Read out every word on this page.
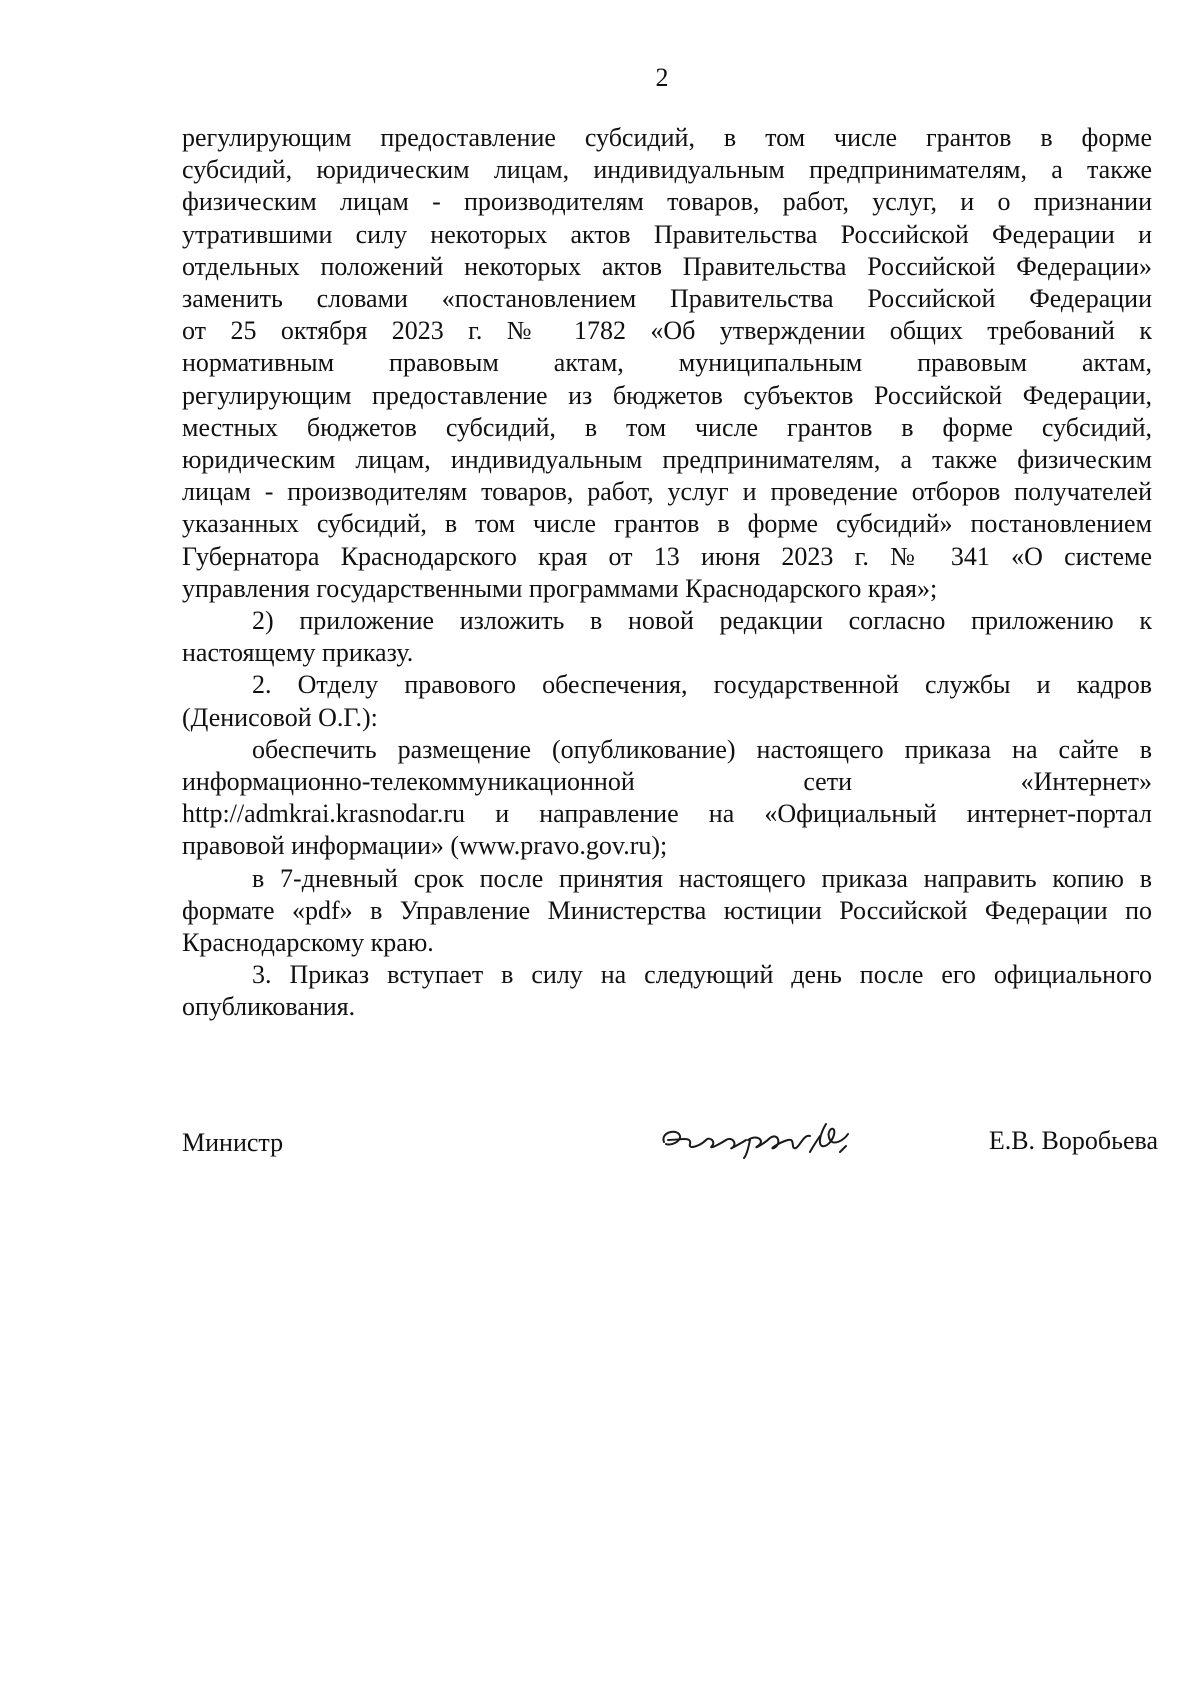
2
регулирующим предоставление субсидий, в том числе грантов в форме
субсидий, юридическим лицам, индивидуальным предпринимателям, а также
физическим лицам - производителям товаров, работ, услуг, и о признании
утратившими силу некоторых актов Правительства Российской Федерации и
отдельных положений некоторых актов Правительства Российской Федерации»
заменить словами «постановлением Правительства Российской Федерации
от 25 октября 2023 г. № 1782 «Об утверждении общих требований к
нормативным правовым актам, муниципальным правовым актам,
регулирующим предоставление из бюджетов субъектов Российской Федерации,
местных бюджетов субсидий, в том числе грантов в форме субсидий,
юридическим лицам, индивидуальным предпринимателям, а также физическим
лицам - производителям товаров, работ, услуг и проведение отборов получателей
указанных субсидий, в том числе грантов в форме субсидий» постановлением
Губернатора Краснодарского края от 13 июня 2023 г. № 341 «О системе
управления государственными программами Краснодарского края»;
2) приложение изложить в новой редакции согласно приложению к
настоящему приказу.
2. Отделу правового обеспечения, государственной службы и кадров
(Денисовой О.Г.):
обеспечить размещение (опубликование) настоящего приказа на сайте в
информационно-телекоммуникационной сети «Интернет»
http://admkrai.krasnodar.ru и направление на «Официальный интернет-портал
правовой информации» (www.pravo.gov.ru);
в 7-дневный срок после принятия настоящего приказа направить копию в
формате «pdf» в Управление Министерства юстиции Российской Федерации по
Краснодарскому краю.
3. Приказ вступает в силу на следующий день после его официального
опубликования.
Министр	Е.В. Воробьева
